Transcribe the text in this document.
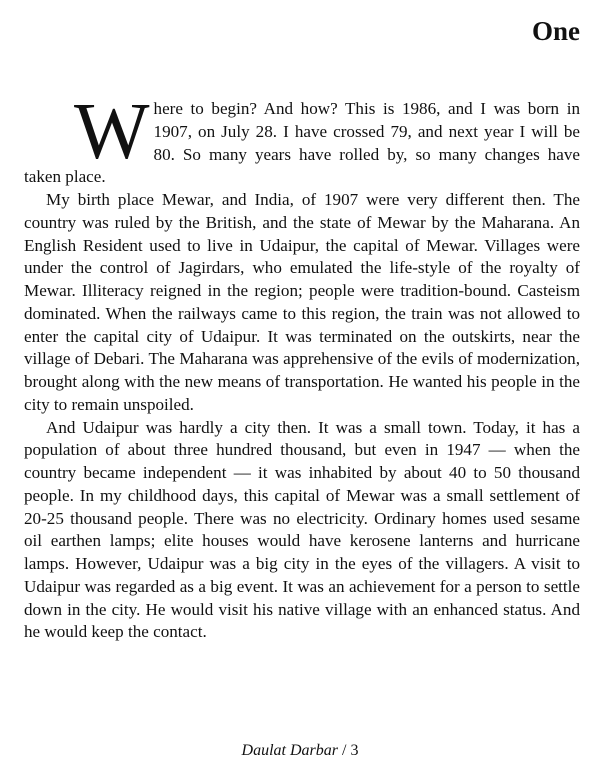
One

Where to begin? And how? This is 1986, and I was born in 1907, on July 28. I have crossed 79, and next year I will be 80. So many years have rolled by, so many changes have taken place.

My birth place Mewar, and India, of 1907 were very different then. The country was ruled by the British, and the state of Mewar by the Maharana. An English Resident used to live in Udaipur, the capital of Mewar. Villages were under the control of Jagirdars, who emulated the life-style of the royalty of Mewar. Illiteracy reigned in the region; people were tradition-bound. Casteism dominated. When the railways came to this region, the train was not allowed to enter the capital city of Udaipur. It was terminated on the outskirts, near the village of Debari. The Maharana was apprehensive of the evils of modernization, brought along with the new means of transportation. He wanted his people in the city to remain unspoiled.

And Udaipur was hardly a city then. It was a small town. Today, it has a population of about three hundred thousand, but even in 1947 — when the country became independent — it was inhabited by about 40 to 50 thousand people. In my childhood days, this capital of Mewar was a small settlement of 20-25 thousand people. There was no electricity. Ordinary homes used sesame oil earthen lamps; elite houses would have kerosene lanterns and hurricane lamps. However, Udaipur was a big city in the eyes of the villagers. A visit to Udaipur was regarded as a big event. It was an achievement for a person to settle down in the city. He would visit his native village with an enhanced status. And he would keep the contact.

Daulat Darbar / 3
